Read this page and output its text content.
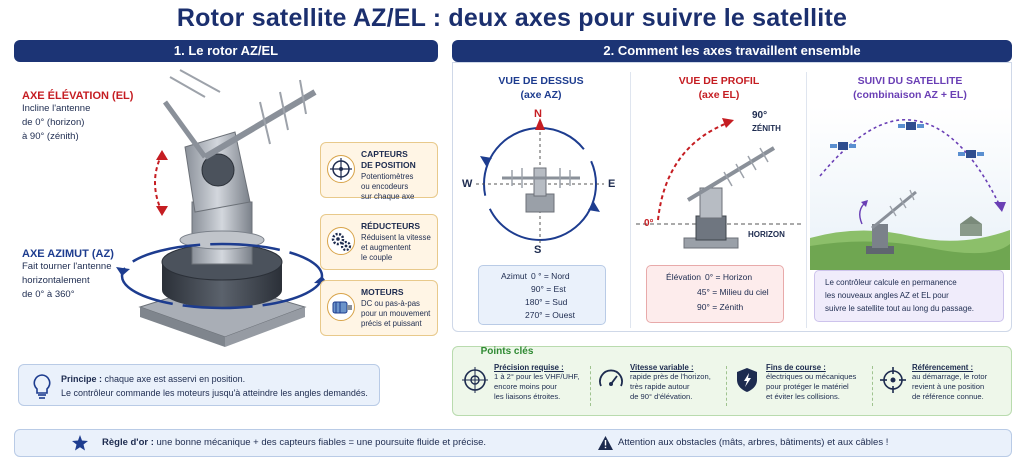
Rotor satellite AZ/EL : deux axes pour suivre le satellite
1. Le rotor AZ/EL
AXE ÉLÉVATION (EL)
Incline l'antenne
de 0° (horizon)
à 90° (zénith)
AXE AZIMUT (AZ)
Fait tourner l'antenne
horizontalement
de 0° à 360°
CAPTEURS
DE POSITION
Potentiomètres
ou encodeurs
sur chaque axe
RÉDUCTEURS
Réduisent la vitesse
et augmentent
le couple
MOTEURS
DC ou pas-à-pas
pour un mouvement
précis et puissant
Principe : chaque axe est asservi en position.
Le contrôleur commande les moteurs jusqu'à atteindre les angles demandés.
2. Comment les axes travaillent ensemble
VUE DE DESSUS
(axe AZ)
N
E
S
W
Azimut 0 ° = Nord
90° = Est
180° = Sud
270° = Ouest
VUE DE PROFIL
(axe EL)
90°
ZÉNITH
0°
HORIZON
Élévation 0° = Horizon
45° = Milieu du ciel
90° = Zénith
SUIVI DU SATELLITE
(combinaison AZ + EL)
Le contrôleur calcule en permanence
les nouveaux angles AZ et EL pour
suivre le satellite tout au long du passage.
Points clés
Précision requise :
1 à 2° pour les VHF/UHF,
encore moins pour
les liaisons étroites.
Vitesse variable :
rapide près de l'horizon,
très rapide autour
de 90° d'élévation.
Fins de course :
électriques ou mécaniques
pour protéger le matériel
et éviter les collisions.
Référencement :
au démarrage, le rotor
revient à une position
de référence connue.
Règle d'or : une bonne mécanique + des capteurs fiables = une poursuite fluide et précise.	Attention aux obstacles (mâts, arbres, bâtiments) et aux câbles !
